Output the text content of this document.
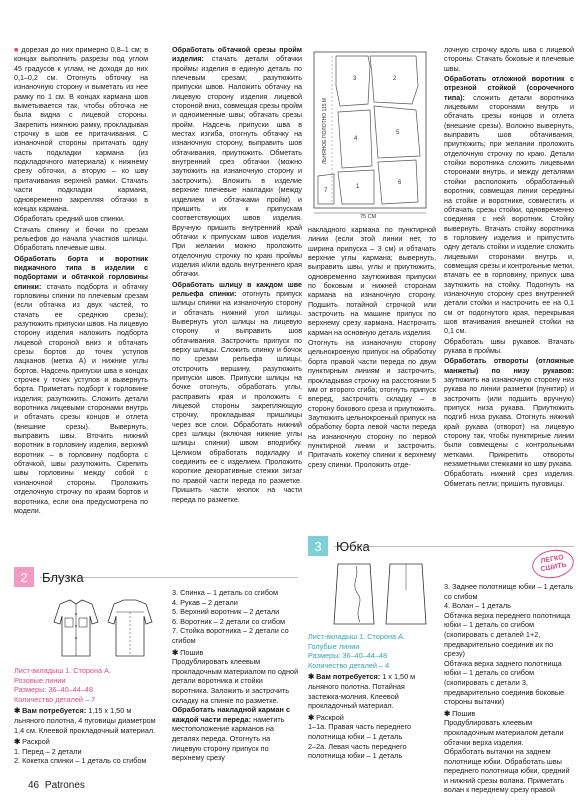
■ дорезая до них примерно 0,8–1 см; в концах выполнить разрезы под углом 45 градусов к углам, не доходя до них 0,1–0,2 см. Отогнуть обточку на изнаночную сторону и выметать из нее рамку по 1 см. В концах кармана шов выметывается так, чтобы обточка не была видна с лицевой стороны. Закрепить нижнюю рамку, прокладывая строчку в шов ее притачивания. С изнаночной стороны притачать одну часть подкладки кармана (из подкладочного материала) к нижнему срезу обточки, а вторую – ко шву притачивания верхней рамки. Стачать части подкладки кармана, одновременно закрепляя обтачки в концах кармана.

Обработать средний шов спинки.

Стачать спинку и бочки по срезам рельефов до начала участков шлицы. Обработать плечевые швы.

Обработать борта и воротник пиджачного типа в изделии с подбортами и обтачкой горловины спинки: стачать подборта и обтачку горловины спинки по плечевым срезам (если обтачка из двух частей, то стачать ее среднюю срезы); разутюжить припуски швов. На лицевую сторону изделия наложить подборта лицевой стороной вниз и обтачать срезы бортов до точек уступов лацканов (метка А) и нижние углы бортов. Надсечь припуски шва в концах строчек у точек уступов и вывернуть борта. Приметать подборт к горловине изделия; разутюжить. Сложить детали воротника лицевыми сторонами внутрь и обтачать срезы концов и отлета (внешние срезы). Вывернуть, выправить швы. Вточить нижний воротник в горловину изделия, верхний воротник – в горловину подборта с обтачкой, швы разутюжить. Скрепить швы горловины между собой с изнаночной стороны. Проложить отделочную строчку по краям бортов и воротника, если она предусмотрена по модели.

Обработать обтачкой срезы пройм изделия: стачать детали обтачки проймы изделия в единую деталь по плечевым срезам; разутюжить припуски швов. Наложить обтачку на лицевую сторону изделия лицевой стороной вниз, совмещая срезы пройм и одноименные швы; обтачать срезы пройм. Надсечь припуски шва в местах изгиба, отогнуть обтачку на изнаночную сторону, выправить шов обтачивания, приутюжить. Обметать внутренний срез обтачки (можно заутюжить на изнаночную сторону и застрочить). Вложить в изделие верхние плечевые накладки (между изделием и обтачками пройм) и пришить их к припускам соответствующих швов изделия. Вручную пришить внутренний край обтачки к припускам швов изделия. При желании можно проложить отделочную строчку по краю проймы изделия и/или вдоль внутреннего края обтачки.

Обработать шлицу в каждом шве рельефа спинки: отогнуть припуск шлицы спинки на изнаночную сторону и обтачать нижний угол шлицы. Вывернуть угол шлицы на лицевую сторону и выправить шов обтачивания. Застрочить припуск по верху шлицы. Сложить спинку и бочок по срезам рельефа шлицы, отстрочить вершину, разутюжить припуски швов. Припуски шлицы на бочке отогнуть, обработать углы, расправить края и проложить с лицевой стороны закрепляющую строчку, прокладывая пришлицы через все слои. Обработать нижний срез шлицы (включая нижние углы шлицы спинки) швом вподгибку. Целиком обработать подкладку и соединить ее с изделием. Проложить короткие декоративные стежки зигзаг по правой части переда по разметке. Пришить части кнопок на части переда по разметке.

3	2
5
4
6
1
7
ЛЬНЯНОЕ ПОЛОТНО 115 М
75 СМ

накладного кармана по пунктирной линии (если этой линии нет, то ширина припуска – 3 см) и обтачать верхние углы кармана; вывернуть, выправить швы, углы и приутюжить, одновременно заутюживая припуски по боковым и нижней сторонам кармана на изнаночную сторону. Подшить потайной строчкой или застрочить на машине припуск по верхнему срезу кармана. Настрочить карман на основную деталь изделия.

Отогнуть на изнаночную сторону цельнокроеную припуск на обработку борта правой части переда по двум пунктирным линиям и застрочить, прокладывая строчку на расстоянии 5 мм от второго сгиба; отогнуть припуск вперед, застрочить складку – в сторону бокового среза и приутюжить. Заутюжить цельнокроеный припуск на обработку борта левой части переда на изнаночную сторону по первой пунктирной линии и застрочить. Притачать кокетку спинки к верхнему срезу спинки. Проложить отде-

лочную строчку вдоль шва с лицевой стороны. Стачать боковые и плечевые швы.

Обработать отложной воротник с отрезной стойкой (сорочечного типа): сложить детали воротника лицевыми сторонами внутрь и обтачать срезы концов и отлета (внешние срезы). Волокно вывернуть, выправить шов обтачивания, приутюжить; при желании проложить отделочную строчку по краю. Детали стойки воротника сложить лицевыми сторонами внутрь, и между деталями стойки расположить обработанный воротник, совмещая линии середины на стойке и воротнике, совместить и обтачать срезы стойки, одновременно соединяя с ней воротник. Стойку вывернуть. Втачать стойку воротника в горловину изделия и припустить одну деталь стойки и изделие сложить лицевыми сторонами внутрь и, совмещая срезы и контрольные метки, втачать ее в горловину, припуск шва заутюжить на стойку. Подогнуть на изнаночную сторону срез внутренней детали стойки и настрочить ее на 0,1 см от подогнутого края, перекрывая шов втачивания внешней стойки на 0,1 см.

Обработать швы рукавов. Втачать рукава в проймы.

Обработать отвороты (отложные манжеты) по низу рукавов: заутюжить на изнаночную сторону низ рукава по линии разметки (пунктир) и застрочить (или подшить вручную) припуск низа рукава. Приутюжить подгиб низа рукава. Отогнуть нижний край рукава (отворот) на лицевую сторону так, чтобы пунктирные линии были совмещены с контрольными метками. Прикрепить отвороты незаметными стежками ко шву рукава.

Обработать нижний срез изделия. Обметать петли; пришить пуговицы.

2	Блузка
Лист-вкладыш 1. Сторона А.
Розовые линии
Размеры: 36–40–44–48
Количество деталей – 7
✱ Вам потребуется: 1,15 x 1,50 м льняного полотна, 4 пуговицы диаметром 1,4 см. Клеевой прокладочный материал.
✱ Раскрой
1. Перед – 2 детали
2. Кокетка спинки – 1 деталь со сгибом
3. Спинка – 1 деталь со сгибом
4. Рукав – 2 детали
5. Верхний воротник – 2 детали
6. Воротник – 2 детали со сгибом
7. Стойка воротника – 2 детали со сгибом
✱ Пошив
Продублировать клеевым прокладочным материалом по одной детали воротника и стойки воротника. Заложить и застрочить складку на спинке по разметке.
Обработать накладной карман с каждой части переда: наметить местоположение карманов на деталях переда. Отогнуть на лицевую сторону припуск по верхнему срезу
3	Юбка
ЛЕГКО СШИТЬ
Лист-вкладыш 1. Сторона А.
Голубые линии
Размеры: 36–40–44–48
Количество деталей – 4
✱ Вам потребуется: 1 x 1,50 м льняного полотна. Потайная застежка-молния. Клеевой прокладочный материал.
✱ Раскрой
1–1а. Правая часть переднего полотнища юбки – 1 деталь
2–2а. Левая часть переднего полотнища юбки – 1 деталь
3. Заднее полотнище юбки – 1 деталь со сгибом
4. Волан – 1 деталь
Обтачка верха переднего полотнища юбки – 1 деталь со сгибом (скопировать с деталей 1+2, предварительно соединив их по срезу)
Обтачка верха заднего полотнища юбки – 1 деталь со сгибом (скопировать с детали 3, предварительно соединив боковые стороны вытачки)
✱ Пошив
Продублировать клеевым прокладочным материалом детали обтачки верха изделия.
Обработать вытачки на заднем полотнище юбки. Обработать швы переднего полотнища юбки, средний и нижний срезы волана. Приметать волан к переднему срезу правой
46 Patrones
